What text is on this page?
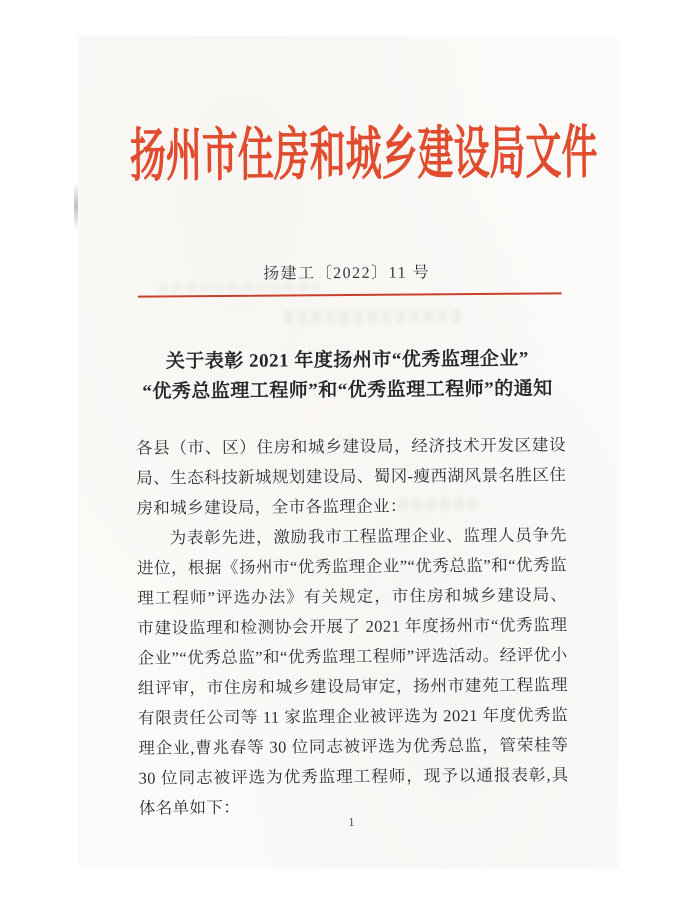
扬州市住房和城乡建设局文件
扬建工〔2022〕11 号
关于表彰 2021 年度扬州市“优秀监理企业”
“优秀总监理工程师”和“优秀监理工程师”的通知

各县（市、区）住房和城乡建设局，经济技术开发区建设局、生态科技新城规划建设局、蜀冈-瘦西湖风景名胜区住房和城乡建设局，全市各监理企业：

为表彰先进，激励我市工程监理企业、监理人员争先进位，根据《扬州市“优秀监理企业”“优秀总监”和“优秀监理工程师”评选办法》有关规定，市住房和城乡建设局、市建设监理和检测协会开展了 2021 年度扬州市“优秀监理企业”“优秀总监”和“优秀监理工程师”评选活动。经评优小组评审，市住房和城乡建设局审定，扬州市建苑工程监理有限责任公司等 11 家监理企业被评选为 2021 年度优秀监理企业,曹兆春等 30 位同志被评选为优秀总监，管荣桂等 30 位同志被评选为优秀监理工程师，现予以通报表彰,具体名单如下：

1
